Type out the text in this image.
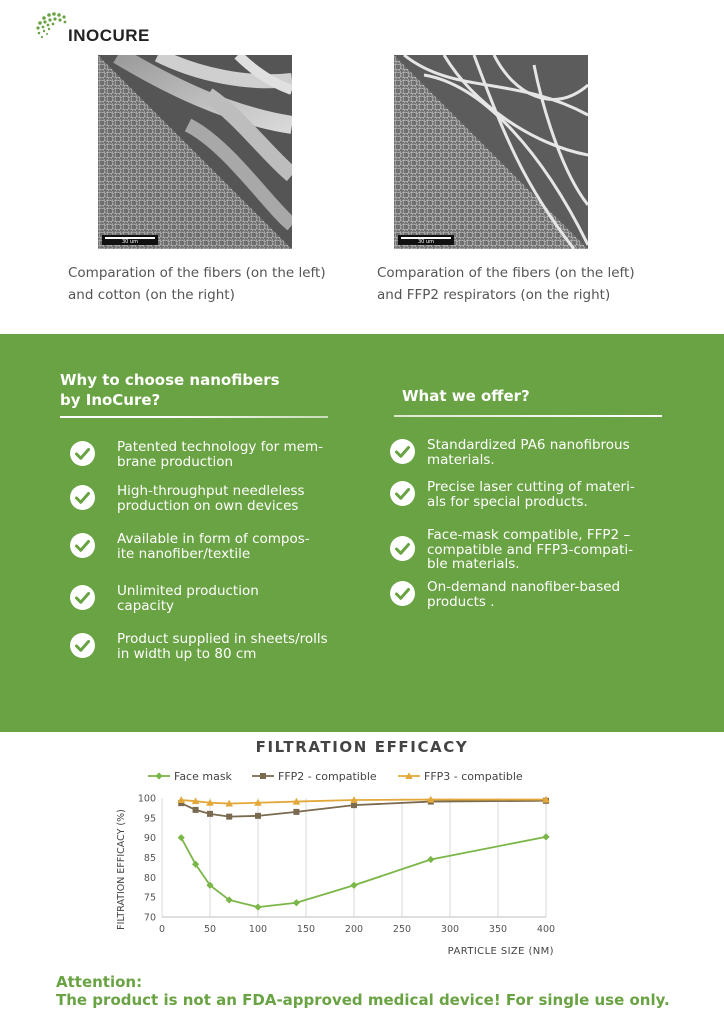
INOCURE
30 um	30 um
Comparation of the fibers (on the left)
and cotton (on the right)
Comparation of the fibers (on the left)
and FFP2 respirators (on the right)
Why to choose nanofibers
by InoCure?	What we offer?
Patented technology for mem-
brane production
High-throughput needleless
production on own devices
Available in form of compos-
ite nanofiber/textile
Unlimited production
capacity
Product supplied in sheets/rolls
in width up to 80 cm
Standardized PA6 nanofibrous
materials.
Precise laser cutting of materi-
als for special products.
Face-mask compatible, FFP2 –
compatible and FFP3-compati-
ble materials.
On-demand nanofiber-based
products .
FILTRATION EFFICACY
0	50	100	150	200	250	300	350	400
70
75
80
85
90
95
100
PARTICLE SIZE (NM)
FILTRATION EFFICACY (%)
Face mask	FFP2 - compatible	FFP3 - compatible
Attention:
The product is not an FDA-approved medical device! For single use only.
